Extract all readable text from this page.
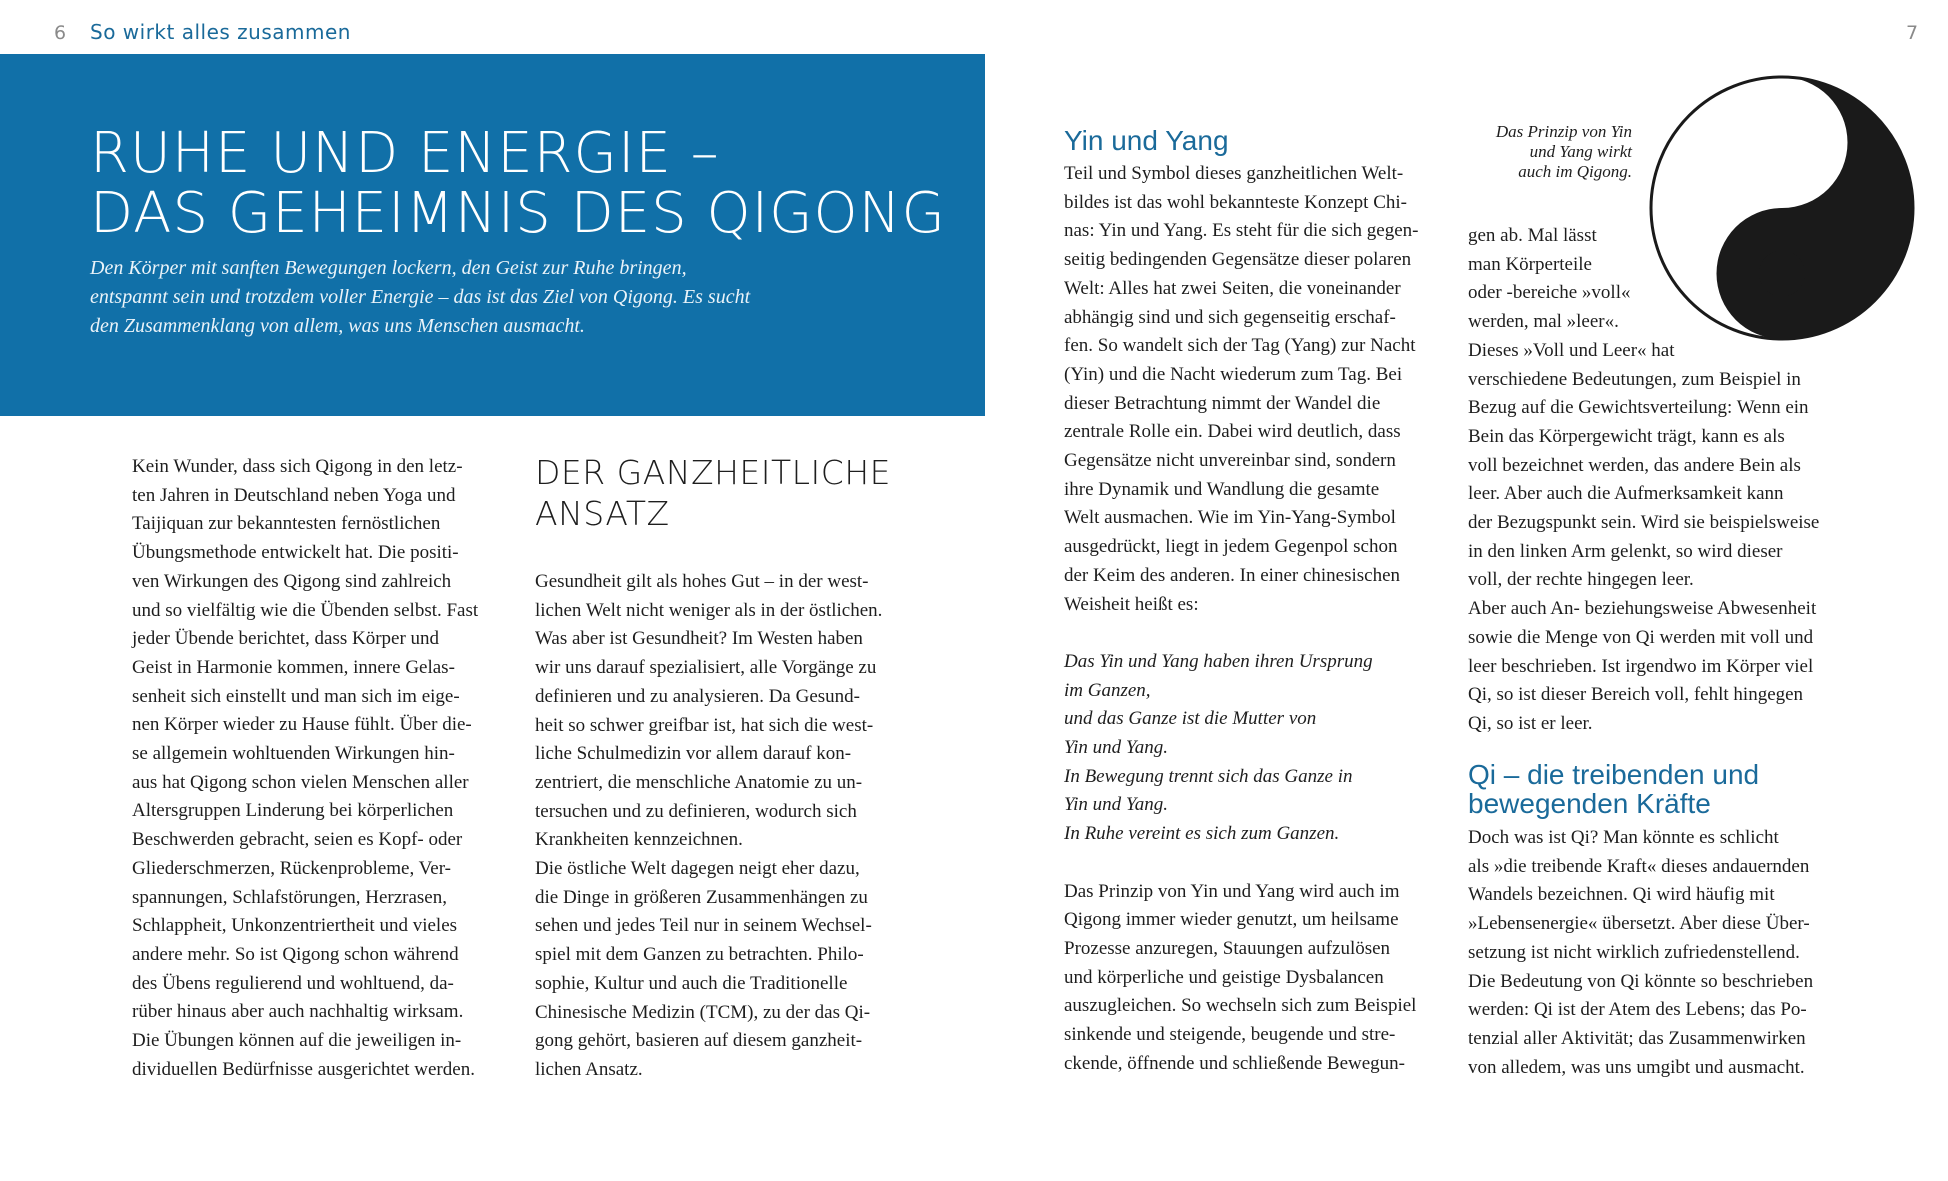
6 So wirkt alles zusammen	7
RUHE UND ENERGIE –
DAS GEHEIMNIS DES QIGONG
Den Körper mit sanften Bewegungen lockern, den Geist zur Ruhe bringen,
entspannt sein und trotzdem voller Energie – das ist das Ziel von Qigong. Es sucht
den Zusammenklang von allem, was uns Menschen ausmacht.
Kein Wunder, dass sich Qigong in den letz-
ten Jahren in Deutschland neben Yoga und
Taijiquan zur bekanntesten fernöstlichen
Übungsmethode entwickelt hat. Die positi-
ven Wirkungen des Qigong sind zahlreich
und so vielfältig wie die Übenden selbst. Fast
jeder Übende berichtet, dass Körper und
Geist in Harmonie kommen, innere Gelas-
senheit sich einstellt und man sich im eige-
nen Körper wieder zu Hause fühlt. Über die-
se allgemein wohltuenden Wirkungen hin-
aus hat Qigong schon vielen Menschen aller
Altersgruppen Linderung bei körperlichen
Beschwerden gebracht, seien es Kopf- oder
Gliederschmerzen, Rückenprobleme, Ver-
spannungen, Schlafstörungen, Herzrasen,
Schlappheit, Unkonzentriertheit und vieles
andere mehr. So ist Qigong schon während
des Übens regulierend und wohltuend, da-
rüber hinaus aber auch nachhaltig wirksam.
Die Übungen können auf die jeweiligen in-
dividuellen Bedürfnisse ausgerichtet werden.
DER GANZHEITLICHE
ANSATZ
Gesundheit gilt als hohes Gut – in der west-
lichen Welt nicht weniger als in der östlichen.
Was aber ist Gesundheit? Im Westen haben
wir uns darauf spezialisiert, alle Vorgänge zu
definieren und zu analysieren. Da Gesund-
heit so schwer greifbar ist, hat sich die west-
liche Schulmedizin vor allem darauf kon-
zentriert, die menschliche Anatomie zu un-
tersuchen und zu definieren, wodurch sich
Krankheiten kennzeichnen.
Die östliche Welt dagegen neigt eher dazu,
die Dinge in größeren Zusammenhängen zu
sehen und jedes Teil nur in seinem Wechsel-
spiel mit dem Ganzen zu betrachten. Philo-
sophie, Kultur und auch die Traditionelle
Chinesische Medizin (TCM), zu der das Qi-
gong gehört, basieren auf diesem ganzheit-
lichen Ansatz.
Yin und Yang
Teil und Symbol dieses ganzheitlichen Welt-
bildes ist das wohl bekannteste Konzept Chi-
nas: Yin und Yang. Es steht für die sich gegen-
seitig bedingenden Gegensätze dieser polaren
Welt: Alles hat zwei Seiten, die voneinander
abhängig sind und sich gegenseitig erschaf-
fen. So wandelt sich der Tag (Yang) zur Nacht
(Yin) und die Nacht wiederum zum Tag. Bei
dieser Betrachtung nimmt der Wandel die
zentrale Rolle ein. Dabei wird deutlich, dass
Gegensätze nicht unvereinbar sind, sondern
ihre Dynamik und Wandlung die gesamte
Welt ausmachen. Wie im Yin-Yang-Symbol
ausgedrückt, liegt in jedem Gegenpol schon
der Keim des anderen. In einer chinesischen
Weisheit heißt es:
Das Yin und Yang haben ihren Ursprung
im Ganzen,
und das Ganze ist die Mutter von
Yin und Yang.
In Bewegung trennt sich das Ganze in
Yin und Yang.
In Ruhe vereint es sich zum Ganzen.
Das Prinzip von Yin und Yang wird auch im
Qigong immer wieder genutzt, um heilsame
Prozesse anzuregen, Stauungen aufzulösen
und körperliche und geistige Dysbalancen
auszugleichen. So wechseln sich zum Beispiel
sinkende und steigende, beugende und stre-
ckende, öffnende und schließende Bewegun-
Das Prinzip von Yin
und Yang wirkt
auch im Qigong.
gen ab. Mal lässt
man Körperteile
oder -bereiche »voll«
werden, mal »leer«.
Dieses »Voll und Leer« hat
verschiedene Bedeutungen, zum Beispiel in
Bezug auf die Gewichtsverteilung: Wenn ein
Bein das Körpergewicht trägt, kann es als
voll bezeichnet werden, das andere Bein als
leer. Aber auch die Aufmerksamkeit kann
der Bezugspunkt sein. Wird sie beispielsweise
in den linken Arm gelenkt, so wird dieser
voll, der rechte hingegen leer.
Aber auch An- beziehungsweise Abwesenheit
sowie die Menge von Qi werden mit voll und
leer beschrieben. Ist irgendwo im Körper viel
Qi, so ist dieser Bereich voll, fehlt hingegen
Qi, so ist er leer.
Qi – die treibenden und
bewegenden Kräfte
Doch was ist Qi? Man könnte es schlicht
als »die treibende Kraft« dieses andauernden
Wandels bezeichnen. Qi wird häufig mit
»Lebensenergie« übersetzt. Aber diese Über-
setzung ist nicht wirklich zufriedenstellend.
Die Bedeutung von Qi könnte so beschrieben
werden: Qi ist der Atem des Lebens; das Po-
tenzial aller Aktivität; das Zusammenwirken
von alledem, was uns umgibt und ausmacht.
